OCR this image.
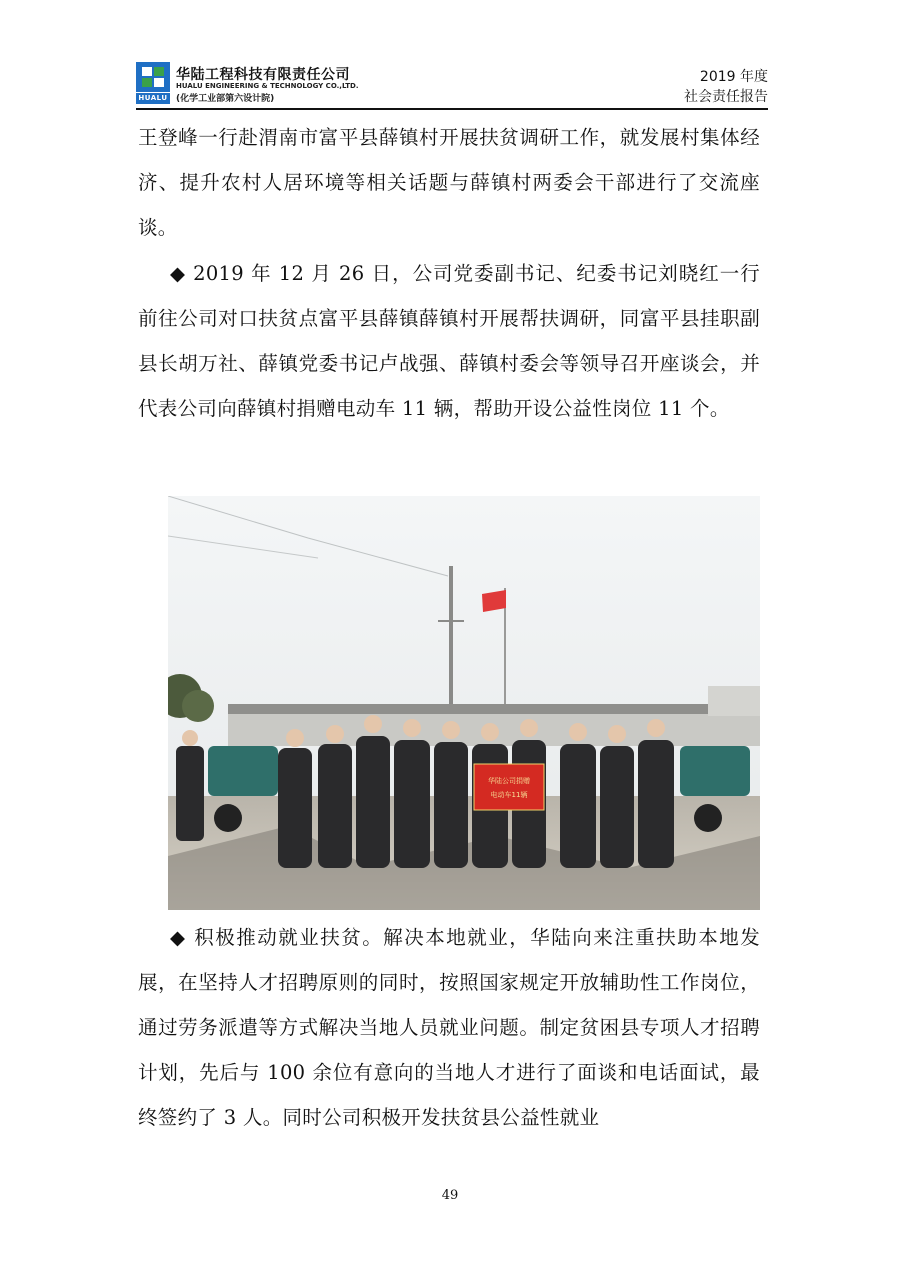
HUALU
华陆工程科技有限责任公司
HUALU ENGINEERING & TECHNOLOGY CO.,LTD.
(化学工业部第六设计院)
2019 年度
社会责任报告

王登峰一行赴渭南市富平县薛镇村开展扶贫调研工作，就发展村集体经济、提升农村人居环境等相关话题与薛镇村两委会干部进行了交流座谈。

◆ 2019 年 12 月 26 日，公司党委副书记、纪委书记刘晓红一行前往公司对口扶贫点富平县薛镇薛镇村开展帮扶调研，同富平县挂职副县长胡万社、薛镇党委书记卢战强、薛镇村委会等领导召开座谈会，并代表公司向薛镇村捐赠电动车 11 辆，帮助开设公益性岗位 11 个。

华陆公司捐赠
电动车11辆

◆ 积极推动就业扶贫。解决本地就业，华陆向来注重扶助本地发展，在坚持人才招聘原则的同时，按照国家规定开放辅助性工作岗位，通过劳务派遣等方式解决当地人员就业问题。制定贫困县专项人才招聘计划，先后与 100 余位有意向的当地人才进行了面谈和电话面试，最终签约了 3 人。同时公司积极开发扶贫县公益性就业

49
